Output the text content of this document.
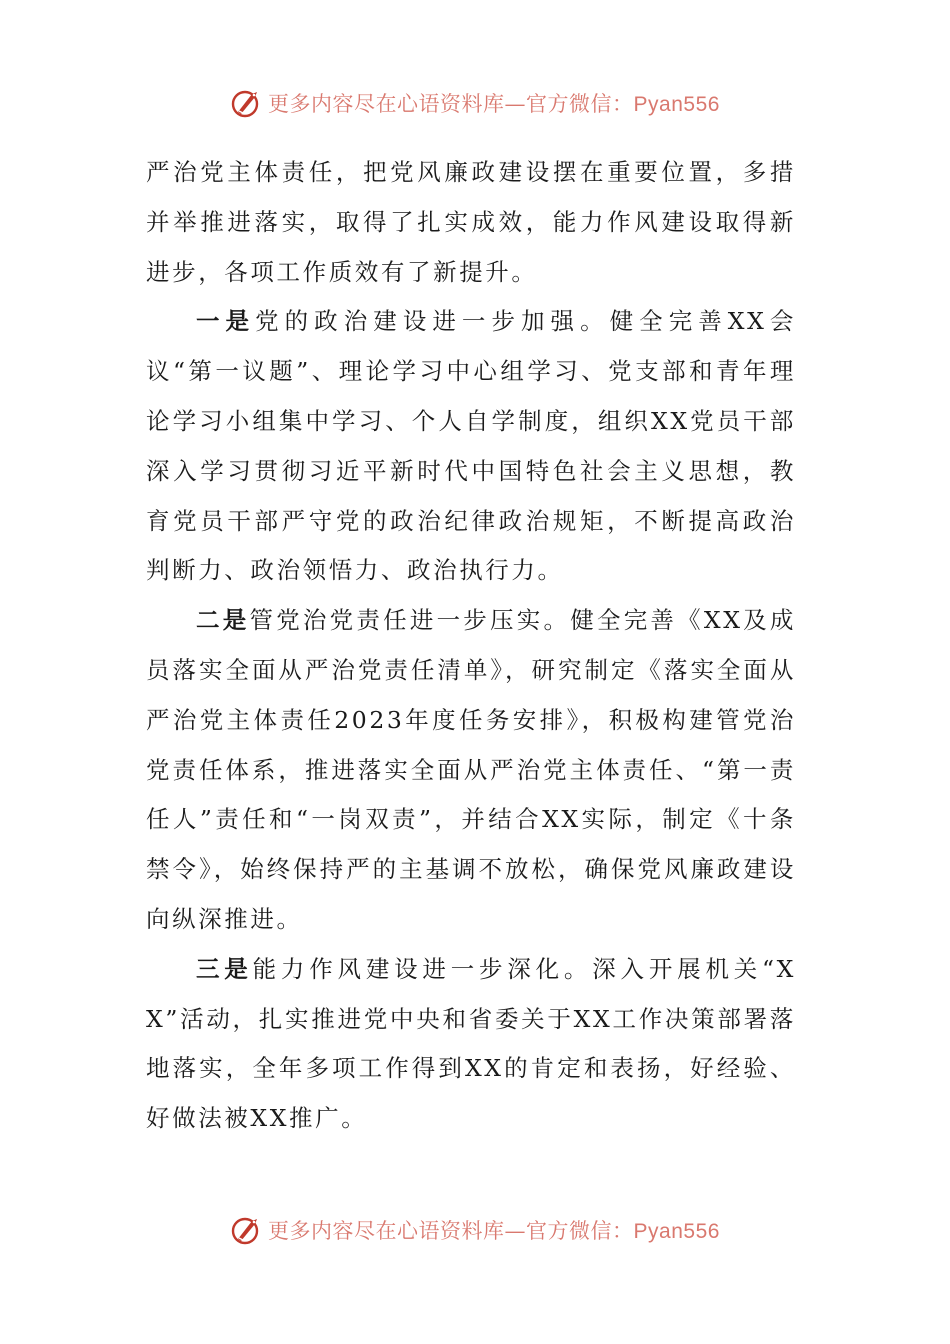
更多内容尽在心语资料库—官方微信：Pyan556

严治党主体责任，把党风廉政建设摆在重要位置，多措并举推进落实，取得了扎实成效，能力作风建设取得新进步，各项工作质效有了新提升。

一是党的政治建设进一步加强。健全完善XX会议“第一议题”、理论学习中心组学习、党支部和青年理论学习小组集中学习、个人自学制度，组织XX党员干部深入学习贯彻习近平新时代中国特色社会主义思想，教育党员干部严守党的政治纪律政治规矩，不断提高政治判断力、政治领悟力、政治执行力。

二是管党治党责任进一步压实。健全完善《XX及成员落实全面从严治党责任清单》，研究制定《落实全面从严治党主体责任2023年度任务安排》，积极构建管党治党责任体系，推进落实全面从严治党主体责任、“第一责任人”责任和“一岗双责”，并结合XX实际，制定《十条禁令》，始终保持严的主基调不放松，确保党风廉政建设向纵深推进。

三是能力作风建设进一步深化。深入开展机关“XX”活动，扎实推进党中央和省委关于XX工作决策部署落地落实，全年多项工作得到XX的肯定和表扬，好经验、好做法被XX推广。

更多内容尽在心语资料库—官方微信：Pyan556
